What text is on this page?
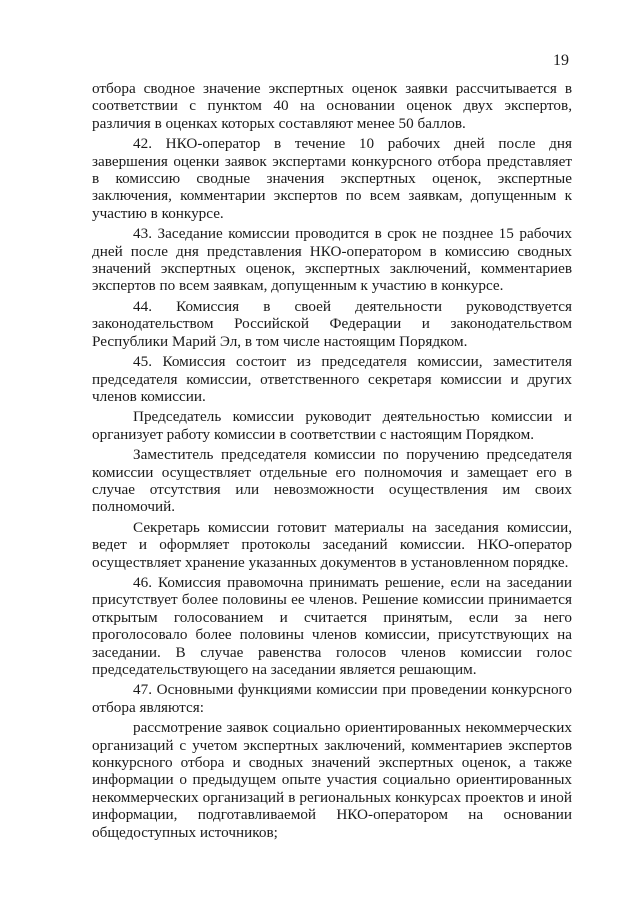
19

отбора сводное значение экспертных оценок заявки рассчитывается в соответствии с пунктом 40 на основании оценок двух экспертов, различия в оценках которых составляют менее 50 баллов.

42. НКО-оператор в течение 10 рабочих дней после дня завершения оценки заявок экспертами конкурсного отбора представляет в комиссию сводные значения экспертных оценок, экспертные заключения, комментарии экспертов по всем заявкам, допущенным к участию в конкурсе.

43. Заседание комиссии проводится в срок не позднее 15 рабочих дней после дня представления НКО-оператором в комиссию сводных значений экспертных оценок, экспертных заключений, комментариев экспертов по всем заявкам, допущенным к участию в конкурсе.

44. Комиссия в своей деятельности руководствуется законодательством Российской Федерации и законодательством Республики Марий Эл, в том числе настоящим Порядком.

45. Комиссия состоит из председателя комиссии, заместителя председателя комиссии, ответственного секретаря комиссии и других членов комиссии.

Председатель комиссии руководит деятельностью комиссии и организует работу комиссии в соответствии с настоящим Порядком.

Заместитель председателя комиссии по поручению председателя комиссии осуществляет отдельные его полномочия и замещает его в случае отсутствия или невозможности осуществления им своих полномочий.

Секретарь комиссии готовит материалы на заседания комиссии, ведет и оформляет протоколы заседаний комиссии. НКО-оператор осуществляет хранение указанных документов в установленном порядке.

46. Комиссия правомочна принимать решение, если на заседании присутствует более половины ее членов. Решение комиссии принимается открытым голосованием и считается принятым, если за него проголосовало более половины членов комиссии, присутствующих на заседании. В случае равенства голосов членов комиссии голос председательствующего на заседании является решающим.

47. Основными функциями комиссии при проведении конкурсного отбора являются:

рассмотрение заявок социально ориентированных некоммерческих организаций с учетом экспертных заключений, комментариев экспертов конкурсного отбора и сводных значений экспертных оценок, а также информации о предыдущем опыте участия социально ориентированных некоммерческих организаций в региональных конкурсах проектов и иной информации, подготавливаемой НКО-оператором на основании общедоступных источников;
